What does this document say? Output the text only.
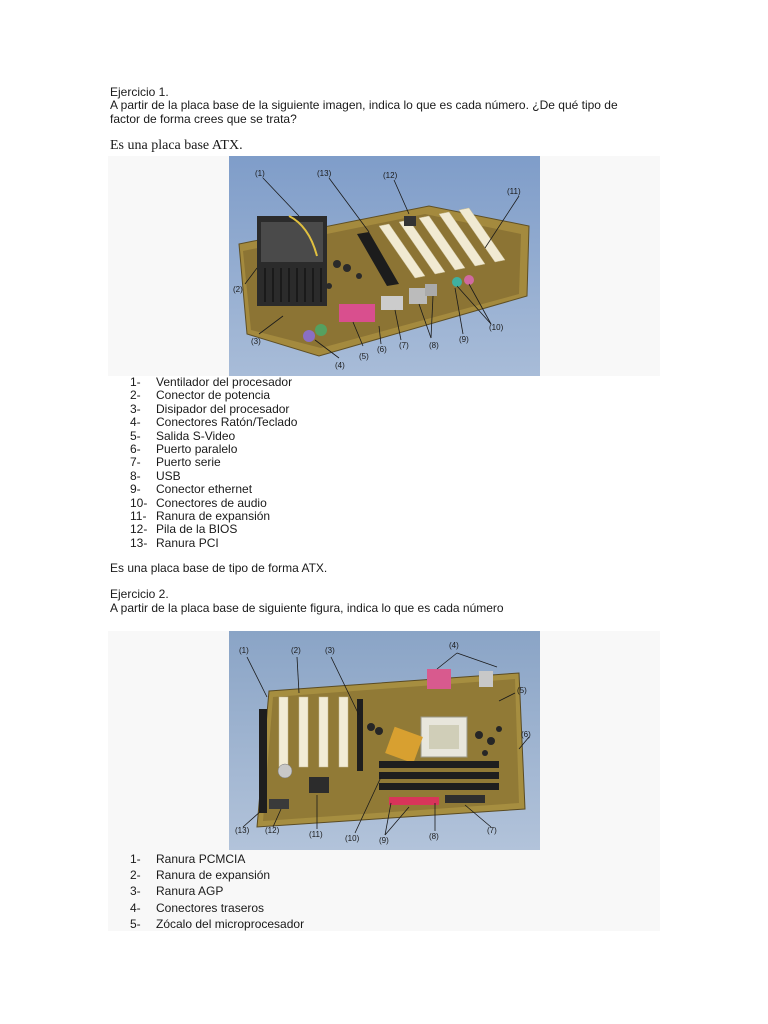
Ejercicio 1.
A partir de la placa base de la siguiente imagen, indica lo que es cada número. ¿De qué tipo de
factor de forma crees que se trata?
Es una placa base ATX.
(1)	(13)	(12)
(11)
(2)
(3)
(4)
(5)
(6) (7)	(8)
(9)
(10)
1- Ventilador del procesador
2- Conector de potencia
3- Disipador del procesador
4- Conectores Ratón/Teclado
5- Salida S-Video
6- Puerto paralelo
7- Puerto serie
8- USB
9- Conector ethernet
10- Conectores de audio
11- Ranura de expansión
12- Pila de la BIOS
13- Ranura PCI
Es una placa base de tipo de forma ATX.
Ejercicio 2.
A partir de la placa base de siguiente figura, indica lo que es cada número
(1)	(2)	(3)
(4)
(5)
(6)
(13) (12)	(11)	(10) (9)	(8)
(7)
1- Ranura PCMCIA
2- Ranura de expansión
3- Ranura AGP
4- Conectores traseros
5- Zócalo del microprocesador
